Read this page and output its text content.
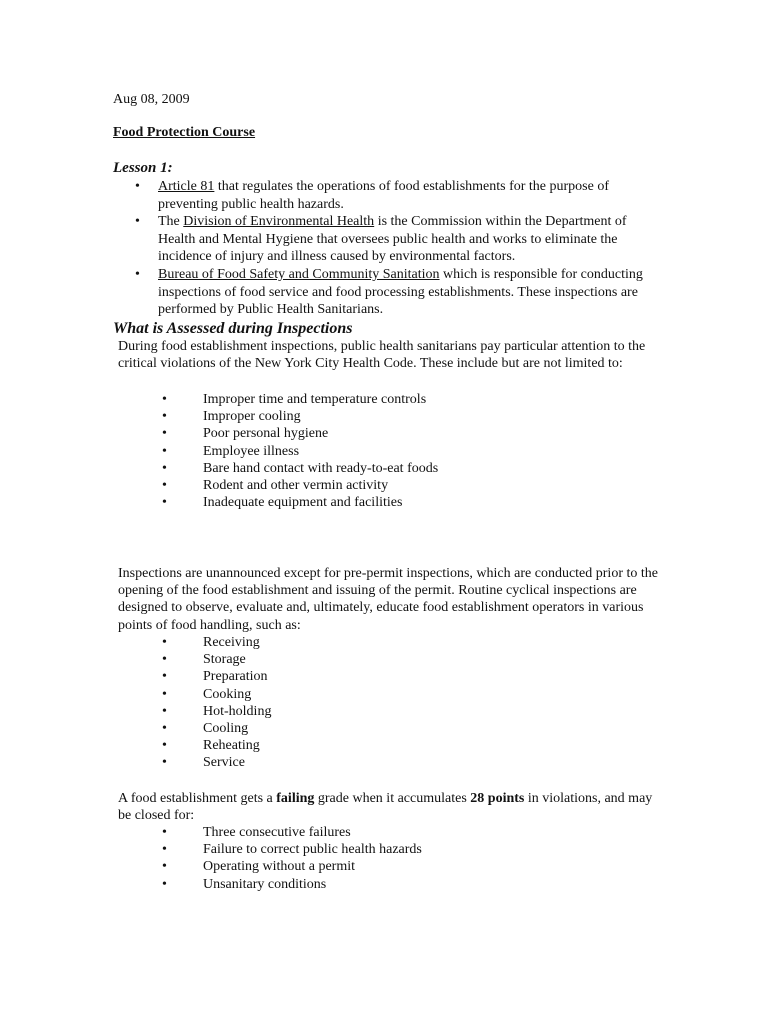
Aug 08, 2009

Food Protection Course

Lesson 1:

• Article 81 that regulates the operations of food establishments for the purpose of preventing public health hazards.
• The Division of Environmental Health is the Commission within the Department of Health and Mental Hygiene that oversees public health and works to eliminate the incidence of injury and illness caused by environmental factors.
• Bureau of Food Safety and Community Sanitation which is responsible for conducting inspections of food service and food processing establishments. These inspections are performed by Public Health Sanitarians.

What is Assessed during Inspections

During food establishment inspections, public health sanitarians pay particular attention to the critical violations of the New York City Health Code. These include but are not limited to:

•	Improper time and temperature controls
•	Improper cooling
•	Poor personal hygiene
•	Employee illness
•	Bare hand contact with ready-to-eat foods
•	Rodent and other vermin activity
•	Inadequate equipment and facilities

Inspections are unannounced except for pre-permit inspections, which are conducted prior to the opening of the food establishment and issuing of the permit. Routine cyclical inspections are designed to observe, evaluate and, ultimately, educate food establishment operators in various points of food handling, such as:

•	Receiving
•	Storage
•	Preparation
•	Cooking
•	Hot-holding
•	Cooling
•	Reheating
•	Service

A food establishment gets a failing grade when it accumulates 28 points in violations, and may be closed for:

•	Three consecutive failures
•	Failure to correct public health hazards
•	Operating without a permit
•	Unsanitary conditions
